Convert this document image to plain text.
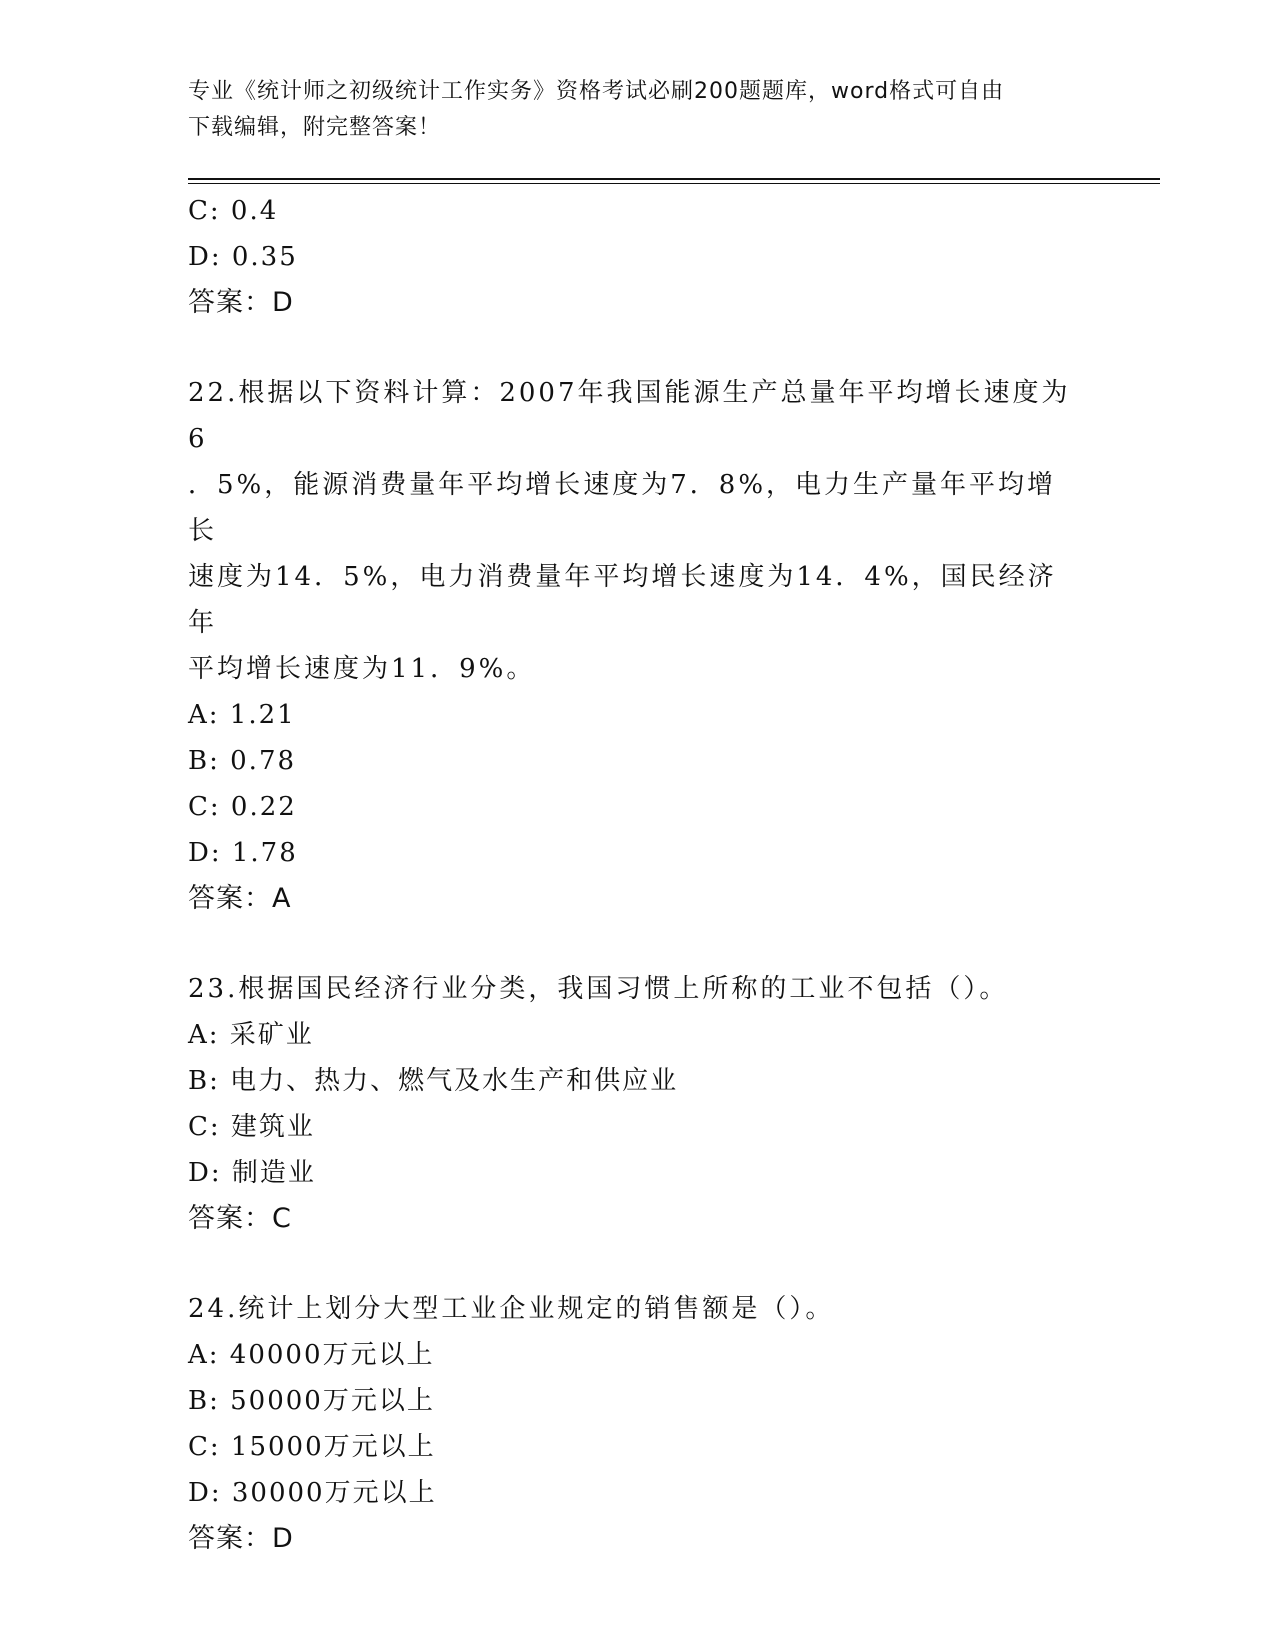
专业《统计师之初级统计工作实务》资格考试必刷200题题库，word格式可自由
下载编辑，附完整答案！
C: 0.4
D: 0.35
答案：D
22.根据以下资料计算：2007年我国能源生产总量年平均增长速度为6
．5%，能源消费量年平均增长速度为7．8%，电力生产量年平均增长
速度为14．5%，电力消费量年平均增长速度为14．4%，国民经济年
平均增长速度为11．9%。
A: 1.21
B: 0.78
C: 0.22
D: 1.78
答案：A
23.根据国民经济行业分类，我国习惯上所称的工业不包括（）。
A: 采矿业
B: 电力、热力、燃气及水生产和供应业
C: 建筑业
D: 制造业
答案：C
24.统计上划分大型工业企业规定的销售额是（）。
A: 40000万元以上
B: 50000万元以上
C: 15000万元以上
D: 30000万元以上
答案：D
